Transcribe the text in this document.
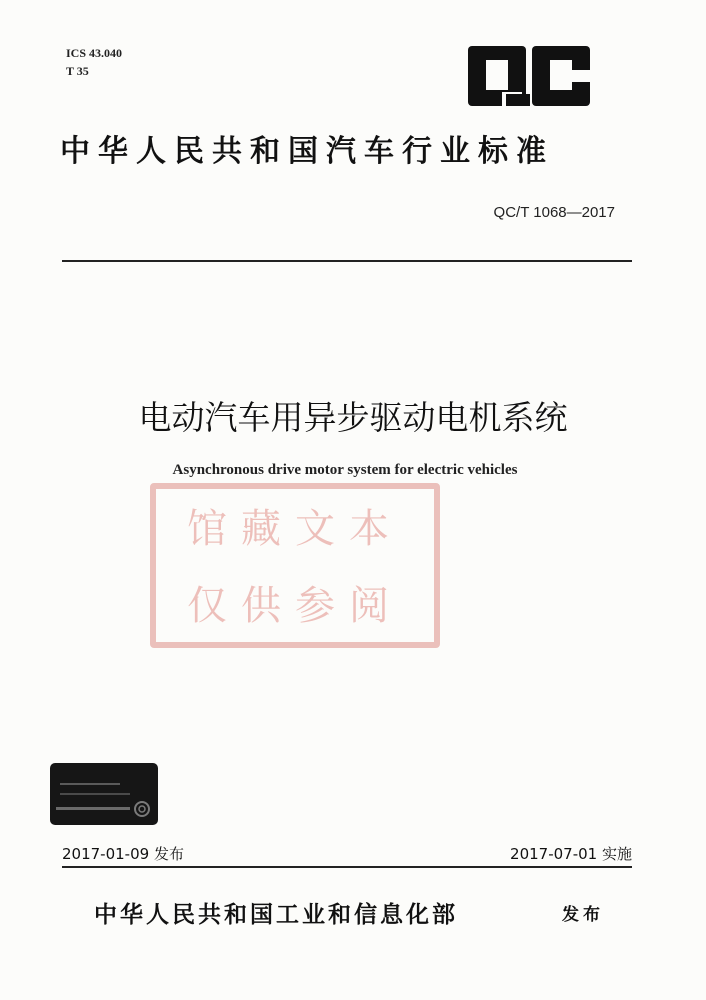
ICS 43.040
T 35
中华人民共和国汽车行业标准
QC/T 1068—2017
电动汽车用异步驱动电机系统
Asynchronous drive motor system for electric vehicles
馆藏文本
仅供参阅
2017-01-09 发布	2017-07-01 实施
中华人民共和国工业和信息化部	发布
